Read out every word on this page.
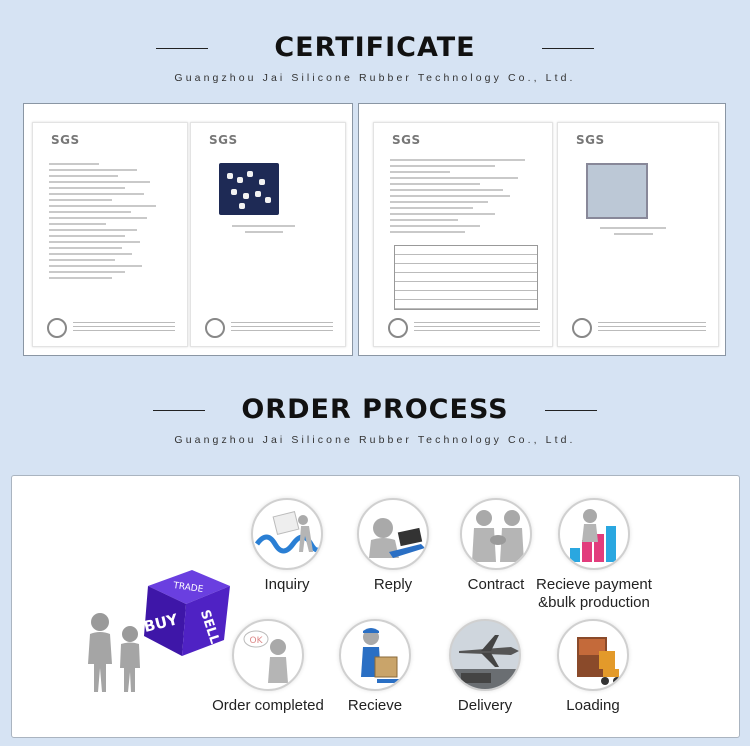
CERTIFICATE
Guangzhou Jai Silicone Rubber Technology Co., Ltd.
SGS	SGS	SGS	SGS
ORDER PROCESS
Guangzhou Jai Silicone Rubber Technology Co., Ltd.
TRADE
BUY SELL
Inquiry	Reply	Contract Recieve payment
&bulk production
OK
Order completed	Recieve	Delivery	Loading
